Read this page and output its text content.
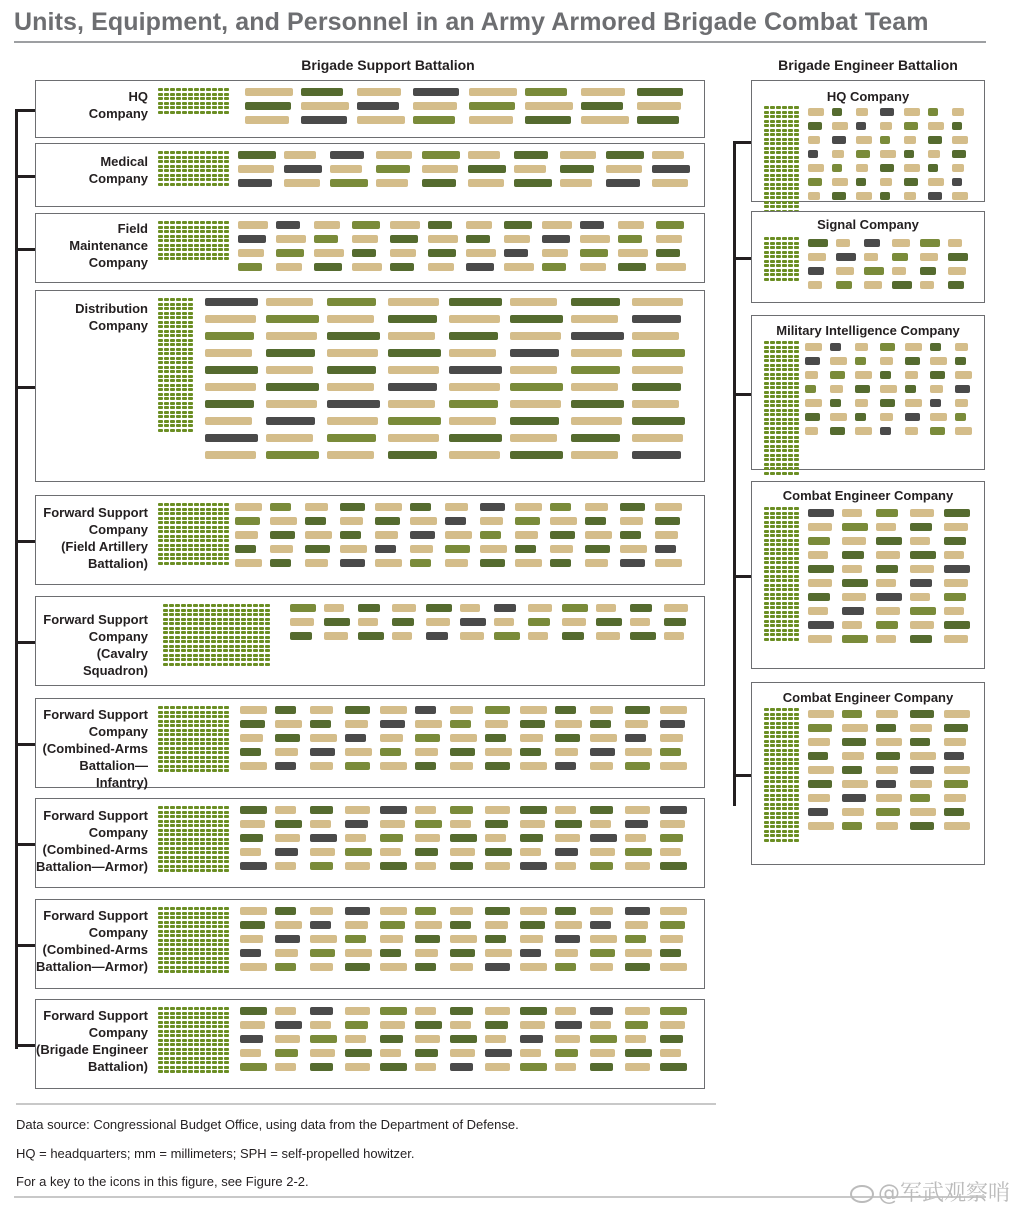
Units, Equipment, and Personnel in an Army Armored Brigade Combat Team
Brigade Support Battalion	Brigade Engineer Battalion
HQ
Company
Medical
Company
Field
Maintenance
Company
Distribution
Company
Forward Support
Company
(Field Artillery
Battalion)
Forward Support
Company
(Cavalry Squadron)
Forward Support
Company
(Combined-Arms
Battalion—Infantry)
Forward Support
Company
(Combined-Arms
Battalion—Armor)
Forward Support
Company
(Combined-Arms
Battalion—Armor)
Forward Support
Company
(Brigade Engineer
Battalion)
HQ Company
Signal Company
Military Intelligence Company
Combat Engineer Company
Combat Engineer Company
Data source: Congressional Budget Office, using data from the Department of Defense.
HQ = headquarters; mm = millimeters; SPH = self-propelled howitzer.
For a key to the icons in this figure, see Figure 2-2.	@军武观察哨
